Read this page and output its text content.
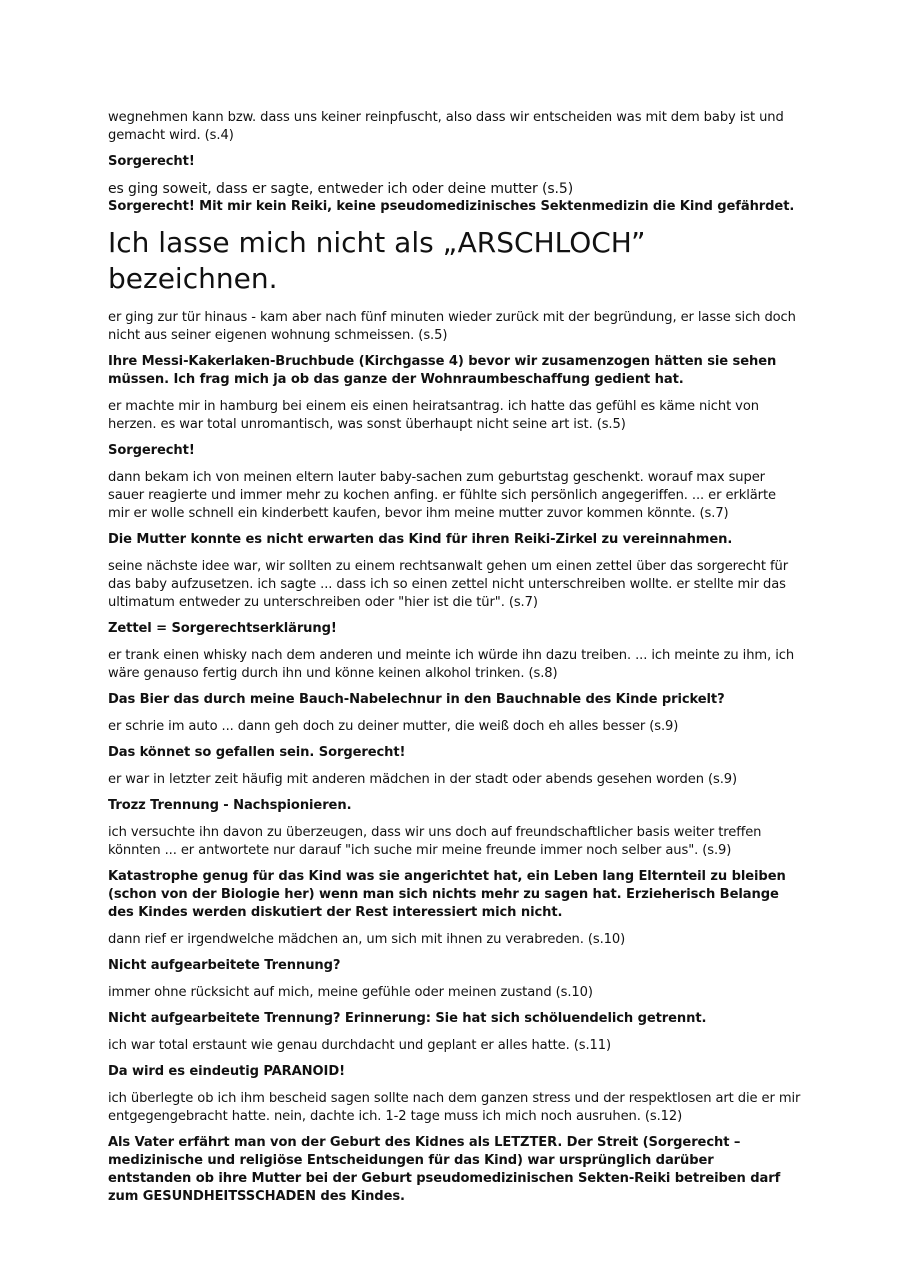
wegnehmen kann bzw. dass uns keiner reinpfuscht, also dass wir entscheiden was mit dem baby ist und gemacht wird. (s.4)

Sorgerecht!

es ging soweit, dass er sagte, entweder ich oder deine mutter (s.5)

Sorgerecht! Mit mir kein Reiki, keine pseudomedizinisches Sektenmedizin die Kind gefährdet.

Ich lasse mich nicht als „ARSCHLOCH” bezeichnen.

er ging zur tür hinaus - kam aber nach fünf minuten wieder zurück mit der begründung, er lasse sich doch nicht aus seiner eigenen wohnung schmeissen. (s.5)

Ihre Messi-Kakerlaken-Bruchbude (Kirchgasse 4) bevor wir zusamenzogen hätten sie sehen müssen. Ich frag mich ja ob das ganze der Wohnraumbeschaffung gedient hat.

er machte mir in hamburg bei einem eis einen heiratsantrag. ich hatte das gefühl es käme nicht von herzen. es war total unromantisch, was sonst überhaupt nicht seine art ist. (s.5)

Sorgerecht!

dann bekam ich von meinen eltern lauter baby-sachen zum geburtstag geschenkt. worauf max super sauer reagierte und immer mehr zu kochen anfing. er fühlte sich persönlich angegeriffen. ... er erklärte mir er wolle schnell ein kinderbett kaufen, bevor ihm meine mutter zuvor kommen könnte. (s.7)

Die Mutter konnte es nicht erwarten das Kind für ihren Reiki-Zirkel zu vereinnahmen.

seine nächste idee war, wir sollten zu einem rechtsanwalt gehen um einen zettel über das sorgerecht für das baby aufzusetzen. ich sagte ... dass ich so einen zettel nicht unterschreiben wollte. er stellte mir das ultimatum entweder zu unterschreiben oder "hier ist die tür". (s.7)

Zettel = Sorgerechtserklärung!

er trank einen whisky nach dem anderen und meinte ich würde ihn dazu treiben. ... ich meinte zu ihm, ich wäre genauso fertig durch ihn und könne keinen alkohol trinken. (s.8)

Das Bier das durch meine Bauch-Nabelechnur in den Bauchnable des Kinde prickelt?

er schrie im auto ... dann geh doch zu deiner mutter, die weiß doch eh alles besser (s.9)

Das könnet so gefallen sein. Sorgerecht!

er war in letzter zeit häufig mit anderen mädchen in der stadt oder abends gesehen worden (s.9)

Trozz Trennung - Nachspionieren.

ich versuchte ihn davon zu überzeugen, dass wir uns doch auf freundschaftlicher basis weiter treffen könnten ... er antwortete nur darauf "ich suche mir meine freunde immer noch selber aus". (s.9)

Katastrophe genug für das Kind was sie angerichtet hat, ein Leben lang Elternteil zu bleiben (schon von der Biologie her) wenn man sich nichts mehr zu sagen hat. Erzieherisch Belange des Kindes werden diskutiert der Rest interessiert mich nicht.

dann rief er irgendwelche mädchen an, um sich mit ihnen zu verabreden. (s.10)

Nicht aufgearbeitete Trennung?

immer ohne rücksicht auf mich, meine gefühle oder meinen zustand (s.10)

Nicht aufgearbeitete Trennung? Erinnerung: Sie hat sich schöluendelich getrennt.

ich war total erstaunt wie genau durchdacht und geplant er alles hatte. (s.11)

Da wird es eindeutig PARANOID!

ich überlegte ob ich ihm bescheid sagen sollte nach dem ganzen stress und der respektlosen art die er mir entgegengebracht hatte. nein, dachte ich. 1-2 tage muss ich mich noch ausruhen. (s.12)

Als Vater erfährt man von der Geburt des Kidnes als LETZTER. Der Streit (Sorgerecht – medizinische und religiöse Entscheidungen für das Kind) war ursprünglich darüber entstanden ob ihre Mutter bei der Geburt pseudomedizinischen Sekten-Reiki betreiben darf zum GESUNDHEITSSCHADEN des Kindes.
